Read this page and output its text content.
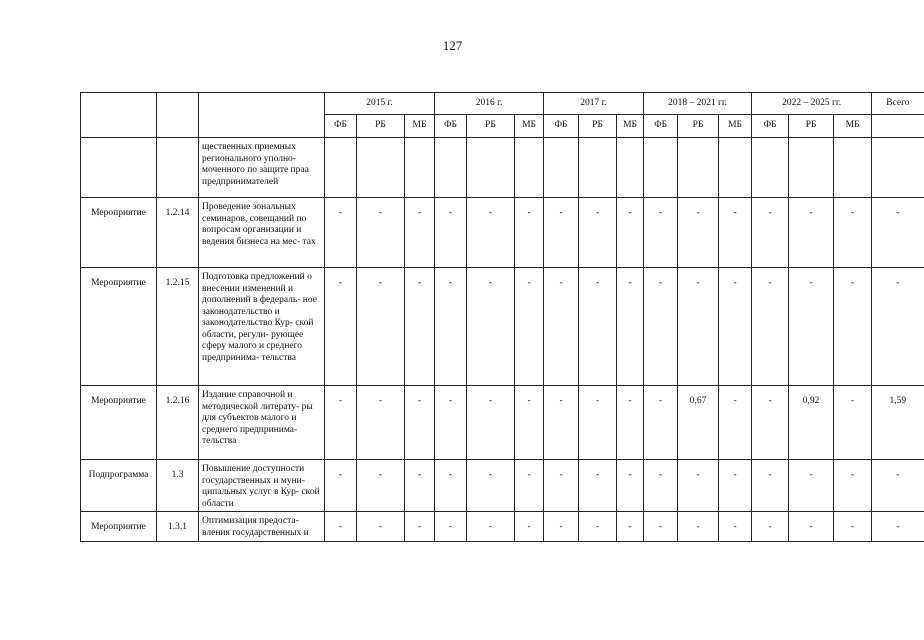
127
			2015 г.			2016 г.			2017 г.			2018 – 2021 гг.			2022 – 2025 гг.			Всего
			ФБ	РБ	МБ	ФБ	РБ	МБ	ФБ	РБ	МБ	ФБ	РБ	МБ	ФБ	РБ	МБ	
		щественных приемных регионального уполно- моченного по защите праа предпринимателей																
Мероприятие	1.2.14	Проведение зональных семинаров, совещаний по вопросам организации и ведения бизнеса на мес- тах	-	-	-	-	-	-	-	-	-	-	-	-	-	-	-	-
Мероприятие	1.2.15	Подготовка предложений о внесении изменений и дополнений в федераль- ное законодательство и законодательство Кур- ской области, регули- рующее сферу малого и среднего предпринима- тельства	-	-	-	-	-	-	-	-	-	-	-	-	-	-	-	-
Мероприятие	1.2.16	Издание справочной и методической литерату- ры для субъектов малого и среднего предпринима- тельства	-	-	-	-	-	-	-	-	-	-	0,67	-	-	0,92	-	1,59
Подпрограмма	1.3	Повышение доступности государственных и муни- ципальных услуг в Кур- ской области	-	-	-	-	-	-	-	-	-	-	-	-	-	-	-	-
Мероприятие	1.3.1	Оптимизация предоста- вления государственных и	-	-	-	-	-	-	-	-	-	-	-	-	-	-	-	-
